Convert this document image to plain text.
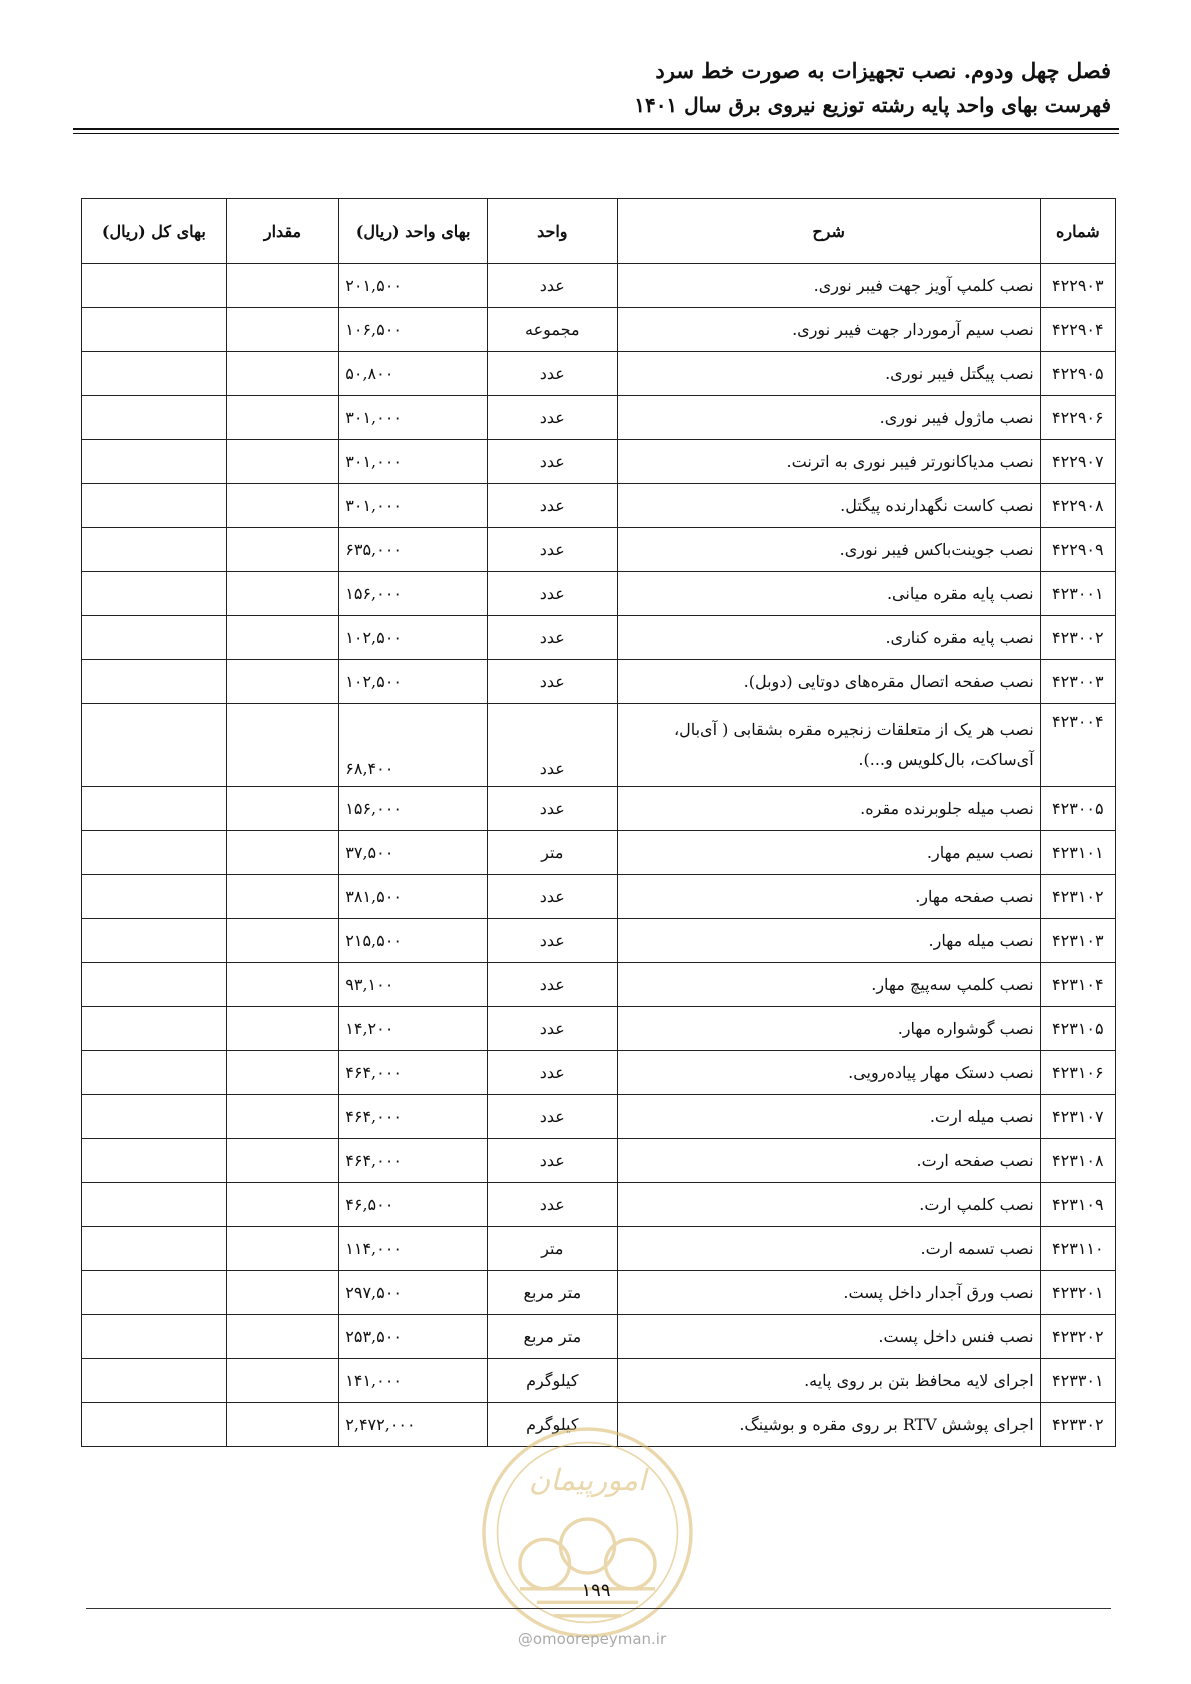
فصل چهل ودوم. نصب تجهیزات به صورت خط سرد
فهرست بهای واحد پایه رشته توزیع نیروی برق سال ۱۴۰۱
شماره	شرح	واحد	بهای واحد (ریال)	مقدار	بهای کل (ریال)
۴۲۲۹۰۳	نصب کلمپ آویز جهت فیبر نوری.	عدد	۲۰۱,۵۰۰		
۴۲۲۹۰۴	نصب سیم آرموردار جهت فیبر نوری.	مجموعه	۱۰۶,۵۰۰		
۴۲۲۹۰۵	نصب پیگتل فیبر نوری.	عدد	۵۰,۸۰۰		
۴۲۲۹۰۶	نصب ماژول فیبر نوری.	عدد	۳۰۱,۰۰۰		
۴۲۲۹۰۷	نصب مدیاکانورتر فیبر نوری به اترنت.	عدد	۳۰۱,۰۰۰		
۴۲۲۹۰۸	نصب کاست نگهدارنده پیگتل.	عدد	۳۰۱,۰۰۰		
۴۲۲۹۰۹	نصب جوینت‌باکس فیبر نوری.	عدد	۶۳۵,۰۰۰		
۴۲۳۰۰۱	نصب پایه مقره میانی.	عدد	۱۵۶,۰۰۰		
۴۲۳۰۰۲	نصب پایه مقره کناری.	عدد	۱۰۲,۵۰۰		
۴۲۳۰۰۳	نصب صفحه اتصال مقره‌های دوتایی (دوبل).	عدد	۱۰۲,۵۰۰		
۴۲۳۰۰۴	نصب هر یک از متعلقات زنجیره مقره بشقابی ( آی‌بال، آی‌ساکت، بال‌کلویس و...).	عدد	۶۸,۴۰۰		
۴۲۳۰۰۵	نصب میله جلوبرنده مقره.	عدد	۱۵۶,۰۰۰		
۴۲۳۱۰۱	نصب سیم مهار.	متر	۳۷,۵۰۰		
۴۲۳۱۰۲	نصب صفحه مهار.	عدد	۳۸۱,۵۰۰		
۴۲۳۱۰۳	نصب میله مهار.	عدد	۲۱۵,۵۰۰		
۴۲۳۱۰۴	نصب کلمپ سه‌پیچ مهار.	عدد	۹۳,۱۰۰		
۴۲۳۱۰۵	نصب گوشواره مهار.	عدد	۱۴,۲۰۰		
۴۲۳۱۰۶	نصب دستک مهار پیاده‌رویی.	عدد	۴۶۴,۰۰۰		
۴۲۳۱۰۷	نصب میله ارت.	عدد	۴۶۴,۰۰۰		
۴۲۳۱۰۸	نصب صفحه ارت.	عدد	۴۶۴,۰۰۰		
۴۲۳۱۰۹	نصب کلمپ ارت.	عدد	۴۶,۵۰۰		
۴۲۳۱۱۰	نصب تسمه ارت.	متر	۱۱۴,۰۰۰		
۴۲۳۲۰۱	نصب ورق آجدار داخل پست.	متر مربع	۲۹۷,۵۰۰		
۴۲۳۲۰۲	نصب فنس داخل پست.	متر مربع	۲۵۳,۵۰۰		
۴۲۳۳۰۱	اجرای لایه محافظ بتن بر روی پایه.	کیلوگرم	۱۴۱,۰۰۰		
۴۲۳۳۰۲	اجرای پوشش RTV بر روی مقره و بوشینگ.	کیلوگرم	۲,۴۷۲,۰۰۰		
امورپیمان
۱۹۹
@omoorepeyman.ir
